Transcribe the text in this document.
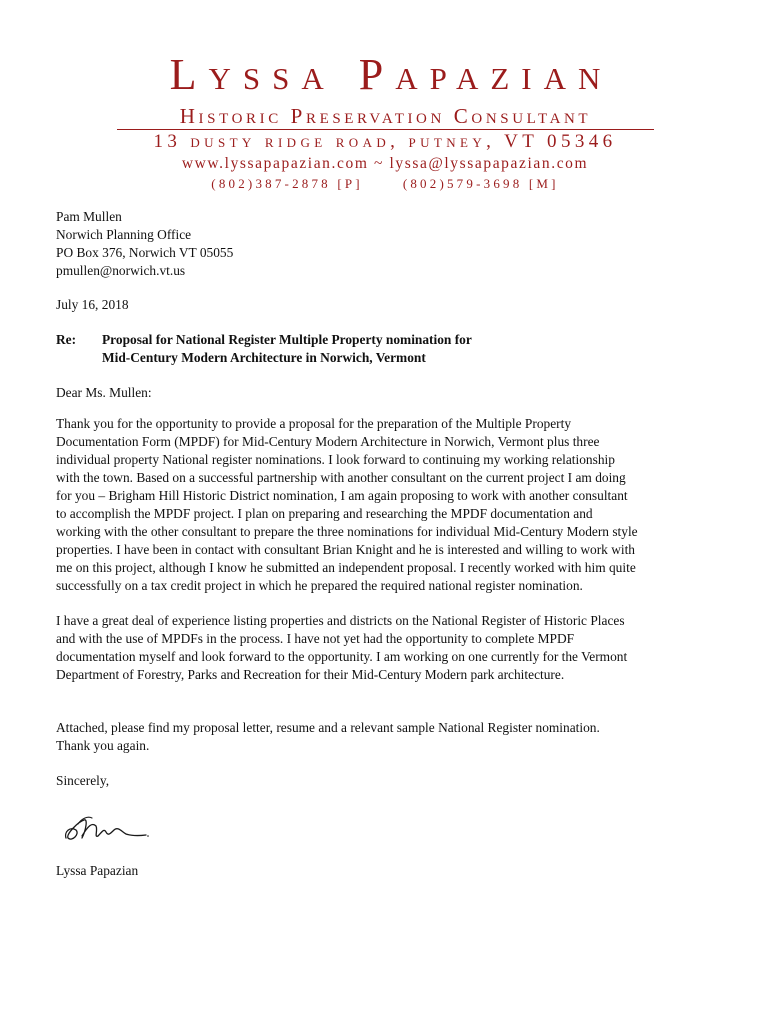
Lyssa Papazian
Historic Preservation Consultant
13 dusty ridge road, putney, VT 05346
www.lyssapapazian.com ~ lyssa@lyssapapazian.com
(802)387-2878 [P]	(802)579-3698 [M]
Pam Mullen
Norwich Planning Office
PO Box 376, Norwich VT 05055
pmullen@norwich.vt.us
July 16, 2018
Re: Proposal for National Register Multiple Property nomination for
Mid-Century Modern Architecture in Norwich, Vermont
Dear Ms. Mullen:
Thank you for the opportunity to provide a proposal for the preparation of the Multiple Property
Documentation Form (MPDF) for Mid-Century Modern Architecture in Norwich, Vermont plus three
individual property National register nominations. I look forward to continuing my working relationship
with the town. Based on a successful partnership with another consultant on the current project I am doing
for you – Brigham Hill Historic District nomination, I am again proposing to work with another consultant
to accomplish the MPDF project. I plan on preparing and researching the MPDF documentation and
working with the other consultant to prepare the three nominations for individual Mid-Century Modern style
properties. I have been in contact with consultant Brian Knight and he is interested and willing to work with
me on this project, although I know he submitted an independent proposal. I recently worked with him quite
successfully on a tax credit project in which he prepared the required national register nomination.
I have a great deal of experience listing properties and districts on the National Register of Historic Places
and with the use of MPDFs in the process. I have not yet had the opportunity to complete MPDF
documentation myself and look forward to the opportunity. I am working on one currently for the Vermont
Department of Forestry, Parks and Recreation for their Mid-Century Modern park architecture.
Attached, please find my proposal letter, resume and a relevant sample National Register nomination.
Thank you again.
Sincerely,
Lyssa Papazian
